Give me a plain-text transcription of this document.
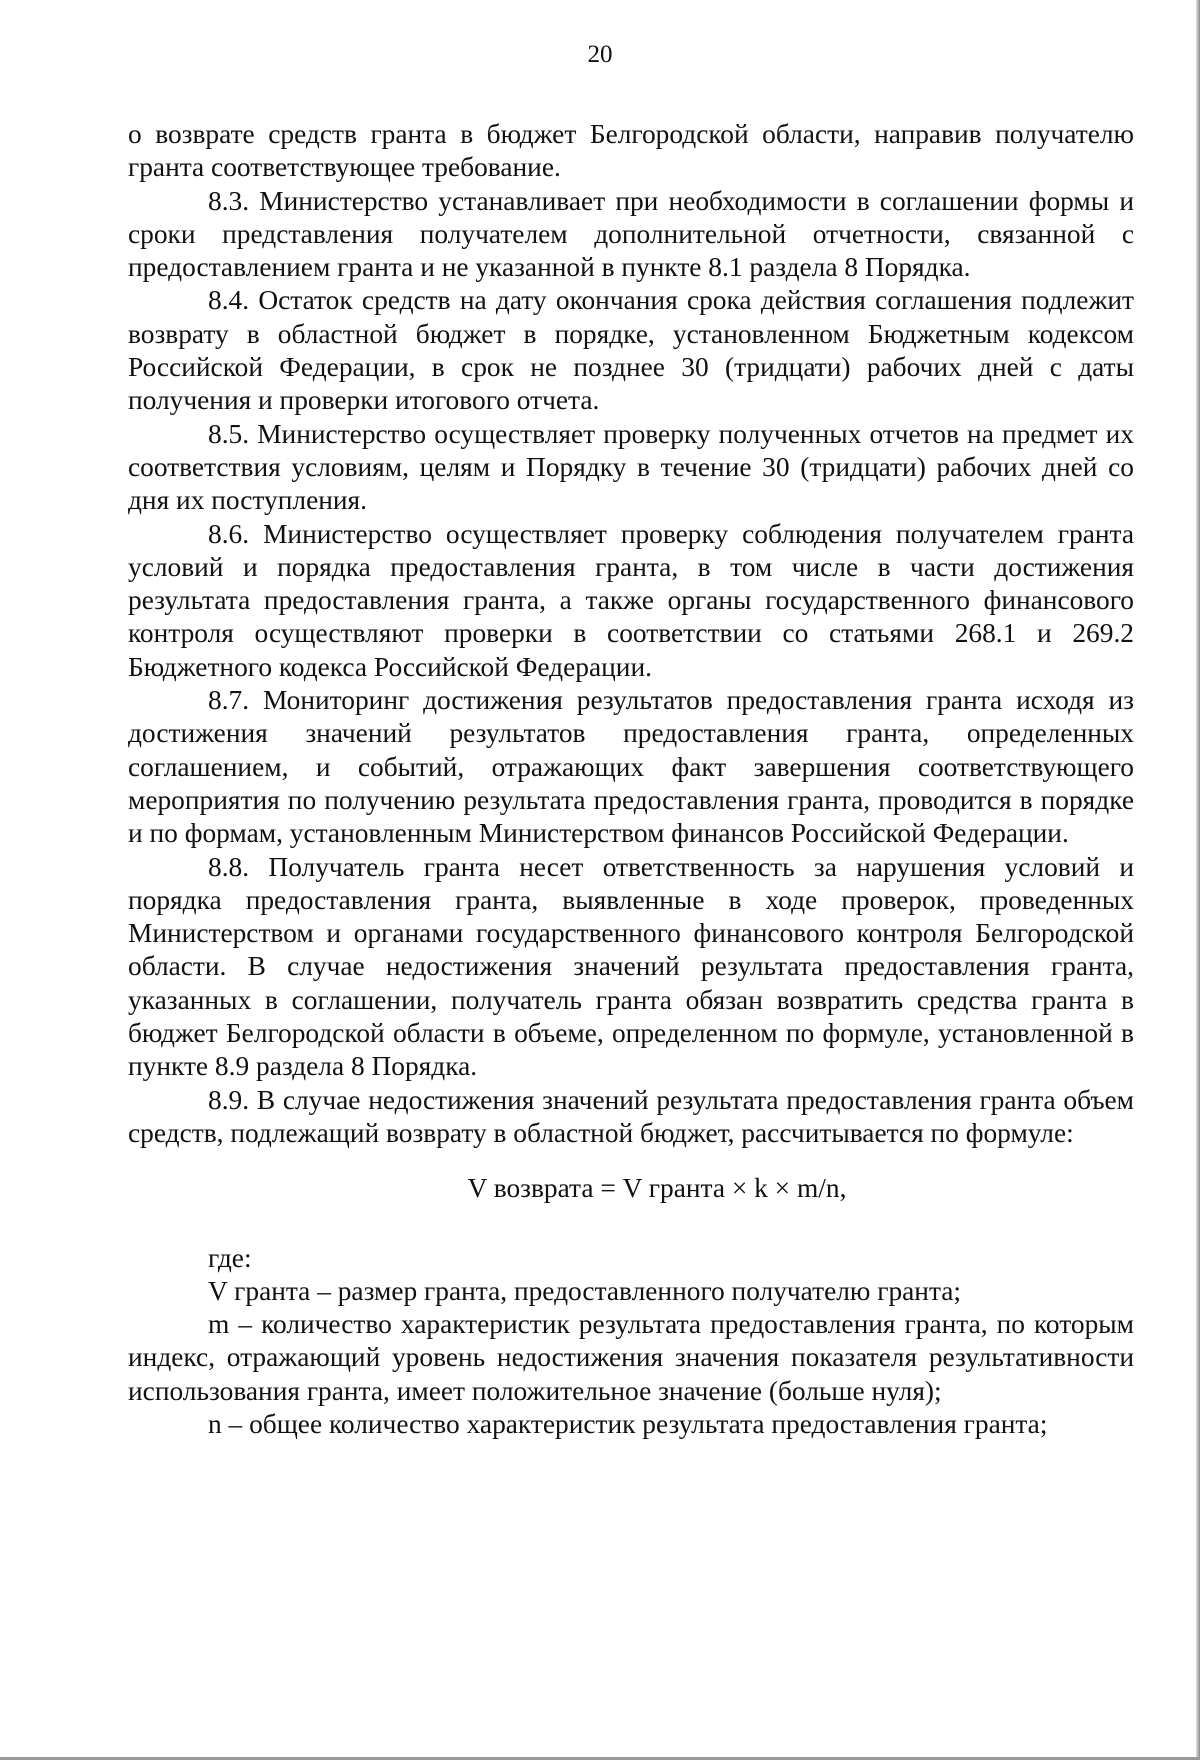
20

о возврате средств гранта в бюджет Белгородской области, направив получателю гранта соответствующее требование.

8.3. Министерство устанавливает при необходимости в соглашении формы и сроки представления получателем дополнительной отчетности, связанной с предоставлением гранта и не указанной в пункте 8.1 раздела 8 Порядка.

8.4. Остаток средств на дату окончания срока действия соглашения подлежит возврату в областной бюджет в порядке, установленном Бюджетным кодексом Российской Федерации, в срок не позднее 30 (тридцати) рабочих дней с даты получения и проверки итогового отчета.

8.5. Министерство осуществляет проверку полученных отчетов на предмет их соответствия условиям, целям и Порядку в течение 30 (тридцати) рабочих дней со дня их поступления.

8.6. Министерство осуществляет проверку соблюдения получателем гранта условий и порядка предоставления гранта, в том числе в части достижения результата предоставления гранта, а также органы государственного финансового контроля осуществляют проверки в соответствии со статьями 268.1 и 269.2 Бюджетного кодекса Российской Федерации.

8.7. Мониторинг достижения результатов предоставления гранта исходя из достижения значений результатов предоставления гранта, определенных соглашением, и событий, отражающих факт завершения соответствующего мероприятия по получению результата предоставления гранта, проводится в порядке и по формам, установленным Министерством финансов Российской Федерации.

8.8. Получатель гранта несет ответственность за нарушения условий и порядка предоставления гранта, выявленные в ходе проверок, проведенных Министерством и органами государственного финансового контроля Белгородской области. В случае недостижения значений результата предоставления гранта, указанных в соглашении, получатель гранта обязан возвратить средства гранта в бюджет Белгородской области в объеме, определенном по формуле, установленной в пункте 8.9 раздела 8 Порядка.

8.9. В случае недостижения значений результата предоставления гранта объем средств, подлежащий возврату в областной бюджет, рассчитывается по формуле:

V возврата = V гранта × k × m/n,

где:

V гранта – размер гранта, предоставленного получателю гранта;

m – количество характеристик результата предоставления гранта, по которым индекс, отражающий уровень недостижения значения показателя результативности использования гранта, имеет положительное значение (больше нуля);

n – общее количество характеристик результата предоставления гранта;
